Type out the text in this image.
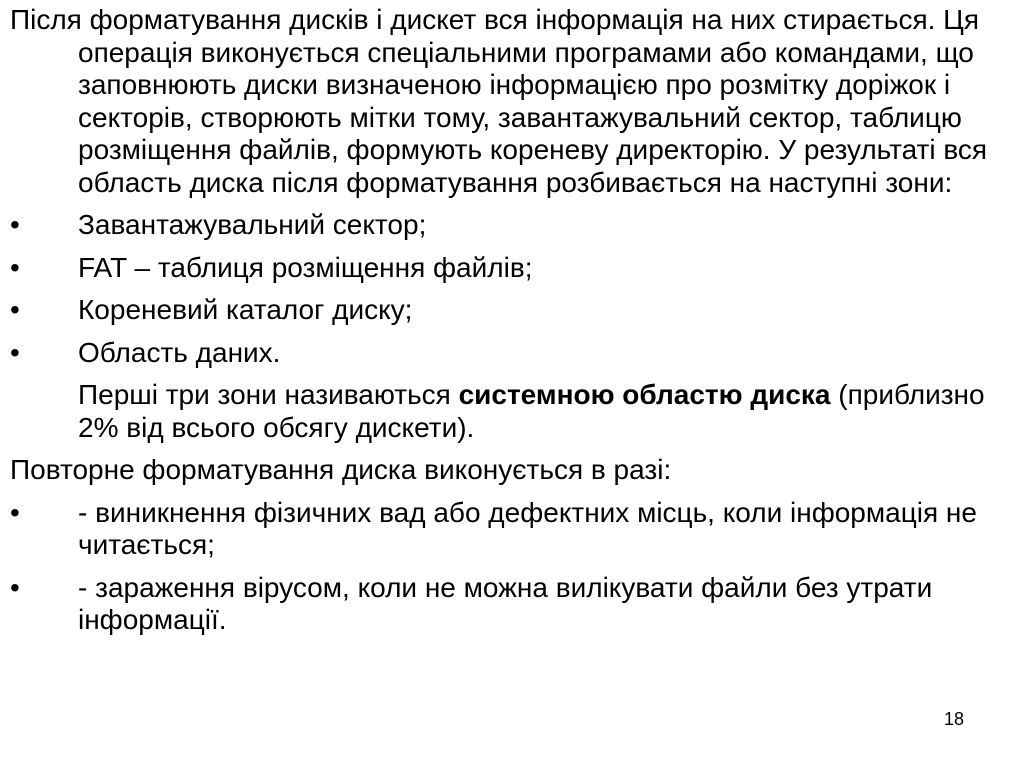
Після форматування дисків і дискет вся інформація на них стирається. Ця операція виконується спеціальними програмами або командами, що заповнюють диски визначеною інформацією про розмітку доріжок і секторів, створюють мітки тому, завантажувальний сектор, таблицю розміщення файлів, формують кореневу директорію. У результаті вся область диска після форматування розбивається на наступні зони:

•	Завантажувальний сектор;
•	FAT – таблиця розміщення файлів;
•	Кореневий каталог диску;
•	Область даних.
Перші три зони називаються системною областю диска (приблизно 2% від всього обсягу дискети).

Повторне форматування диска виконується в разі:

•	- виникнення фізичних вад або дефектних місць, коли інформація не читається;
•	- зараження вірусом, коли не можна вилікувати файли без утрати інформації.
18
